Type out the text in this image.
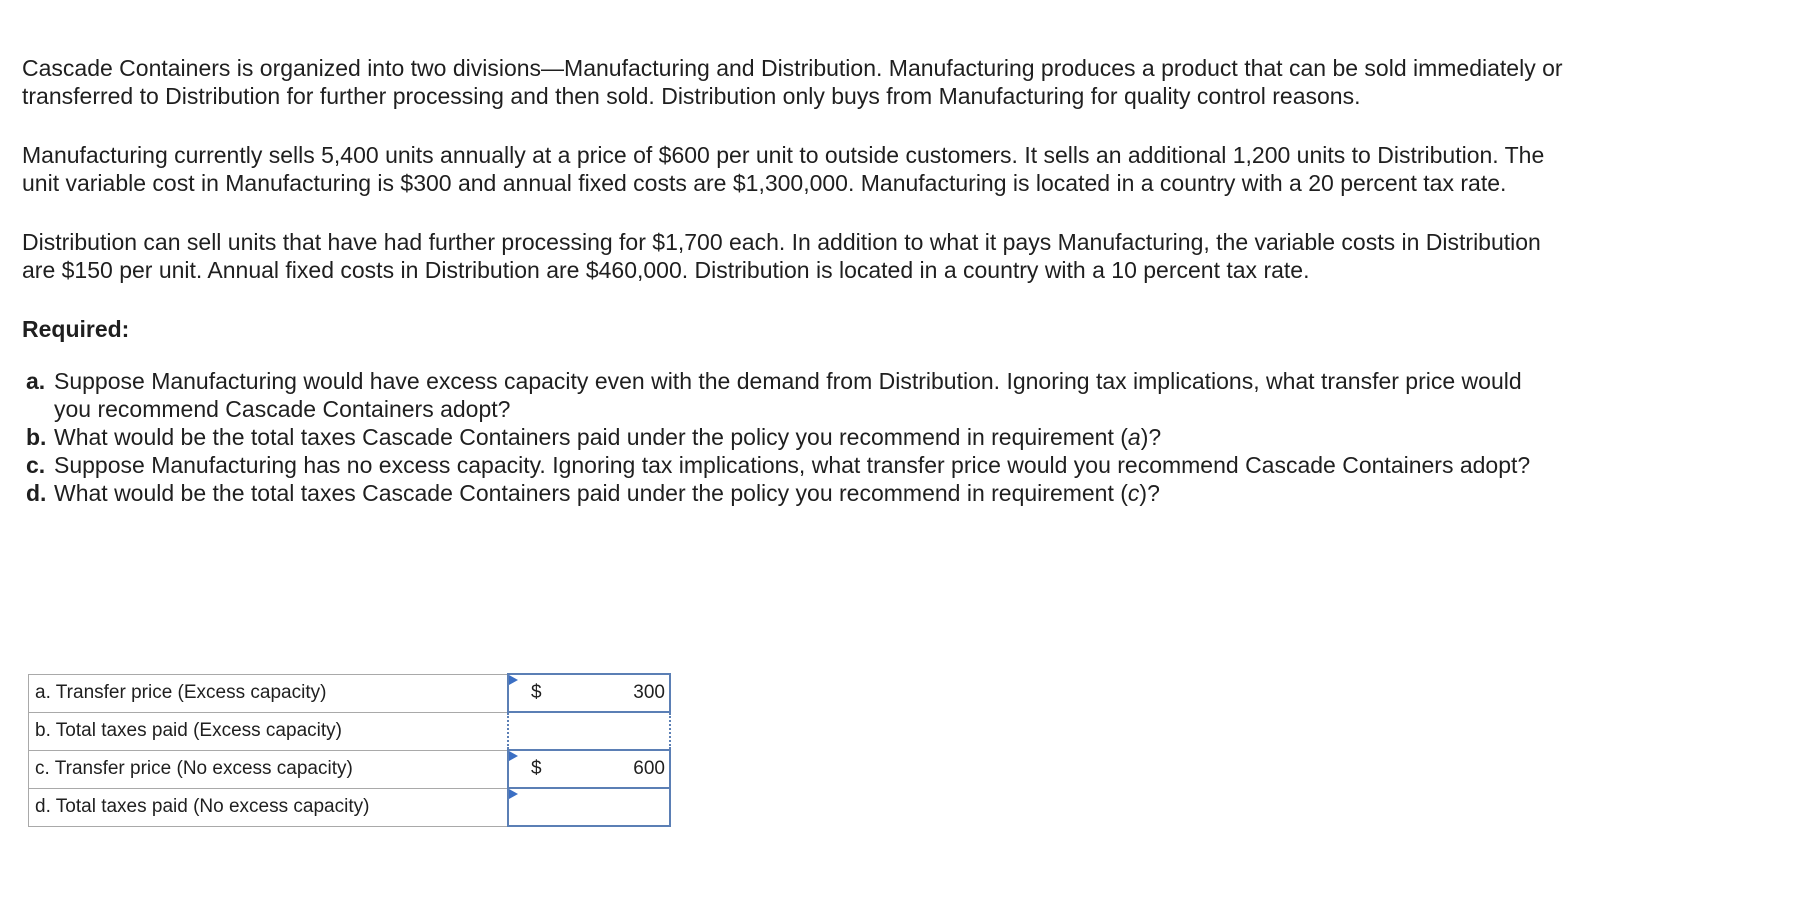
Cascade Containers is organized into two divisions—Manufacturing and Distribution. Manufacturing produces a product that can be sold immediately or transferred to Distribution for further processing and then sold. Distribution only buys from Manufacturing for quality control reasons.

Manufacturing currently sells 5,400 units annually at a price of $600 per unit to outside customers. It sells an additional 1,200 units to Distribution. The unit variable cost in Manufacturing is $300 and annual fixed costs are $1,300,000. Manufacturing is located in a country with a 20 percent tax rate.

Distribution can sell units that have had further processing for $1,700 each. In addition to what it pays Manufacturing, the variable costs in Distribution are $150 per unit. Annual fixed costs in Distribution are $460,000. Distribution is located in a country with a 10 percent tax rate.

Required:
a. Suppose Manufacturing would have excess capacity even with the demand from Distribution. Ignoring tax implications, what transfer price would you recommend Cascade Containers adopt?
b. What would be the total taxes Cascade Containers paid under the policy you recommend in requirement (a)?
c. Suppose Manufacturing has no excess capacity. Ignoring tax implications, what transfer price would you recommend Cascade Containers adopt?
d. What would be the total taxes Cascade Containers paid under the policy you recommend in requirement (c)?
a. Transfer price (Excess capacity)	$ 300

b. Total taxes paid (Excess capacity)	

c. Transfer price (No excess capacity)	$ 600

d. Total taxes paid (No excess capacity)	
